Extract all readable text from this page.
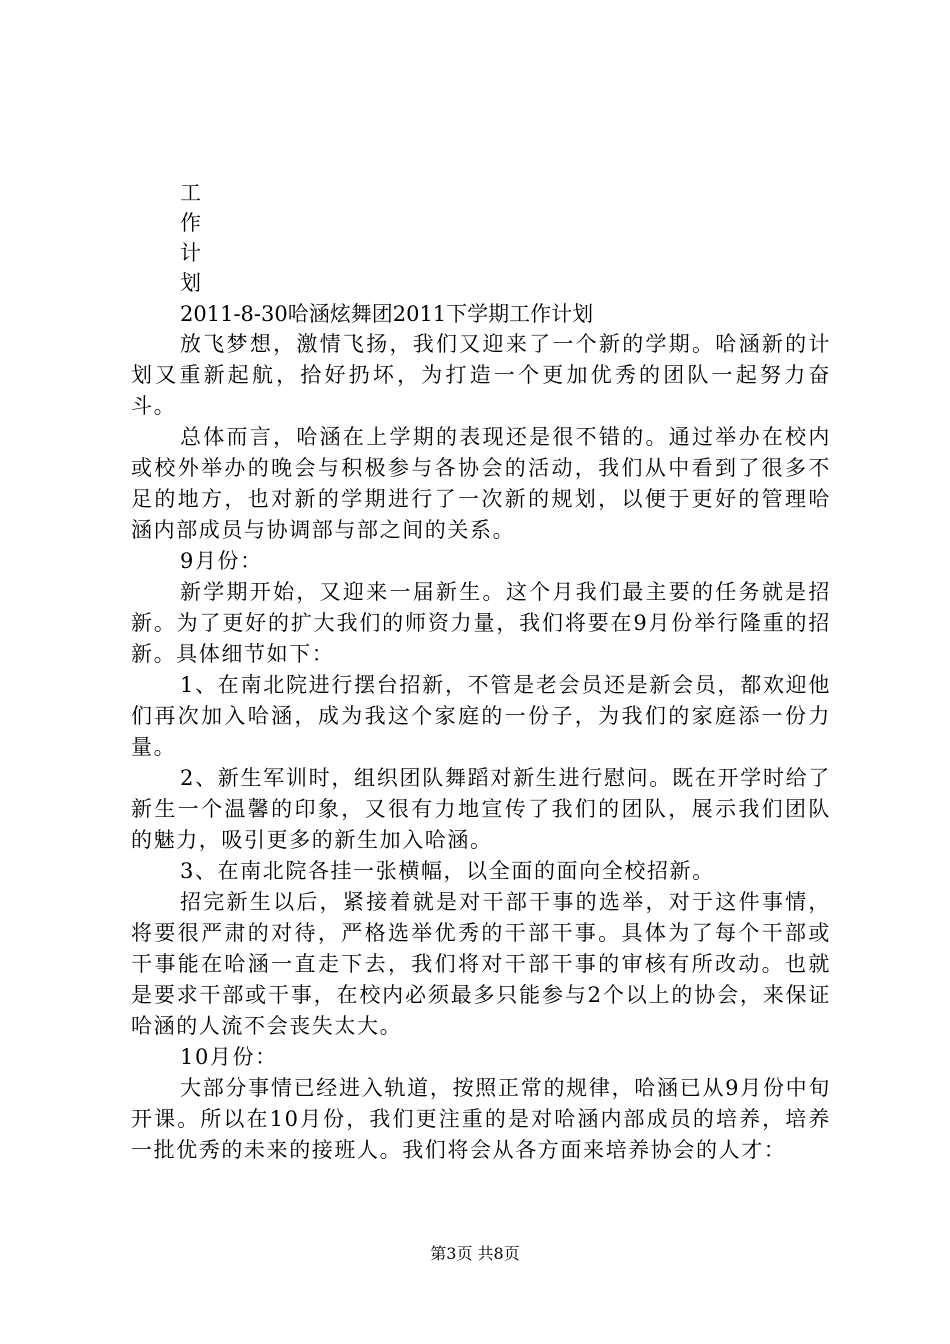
工
作
计
划
2011-8-30哈涵炫舞团2011下学期工作计划

放飞梦想，激情飞扬，我们又迎来了一个新的学期。哈涵新的计划又重新起航，拾好扔坏，为打造一个更加优秀的团队一起努力奋斗。

总体而言，哈涵在上学期的表现还是很不错的。通过举办在校内或校外举办的晚会与积极参与各协会的活动，我们从中看到了很多不足的地方，也对新的学期进行了一次新的规划，以便于更好的管理哈涵内部成员与协调部与部之间的关系。

9月份：

新学期开始，又迎来一届新生。这个月我们最主要的任务就是招新。为了更好的扩大我们的师资力量，我们将要在9月份举行隆重的招新。具体细节如下：

1、在南北院进行摆台招新，不管是老会员还是新会员，都欢迎他们再次加入哈涵，成为我这个家庭的一份子，为我们的家庭添一份力量。

2、新生军训时，组织团队舞蹈对新生进行慰问。既在开学时给了新生一个温馨的印象，又很有力地宣传了我们的团队，展示我们团队的魅力，吸引更多的新生加入哈涵。

3、在南北院各挂一张横幅，以全面的面向全校招新。

招完新生以后，紧接着就是对干部干事的选举，对于这件事情，将要很严肃的对待，严格选举优秀的干部干事。具体为了每个干部或干事能在哈涵一直走下去，我们将对干部干事的审核有所改动。也就是要求干部或干事，在校内必须最多只能参与2个以上的协会，来保证哈涵的人流不会丧失太大。

10月份：

大部分事情已经进入轨道，按照正常的规律，哈涵已从9月份中旬开课。所以在10月份，我们更注重的是对哈涵内部成员的培养，培养一批优秀的未来的接班人。我们将会从各方面来培养协会的人才：

第3页 共8页
